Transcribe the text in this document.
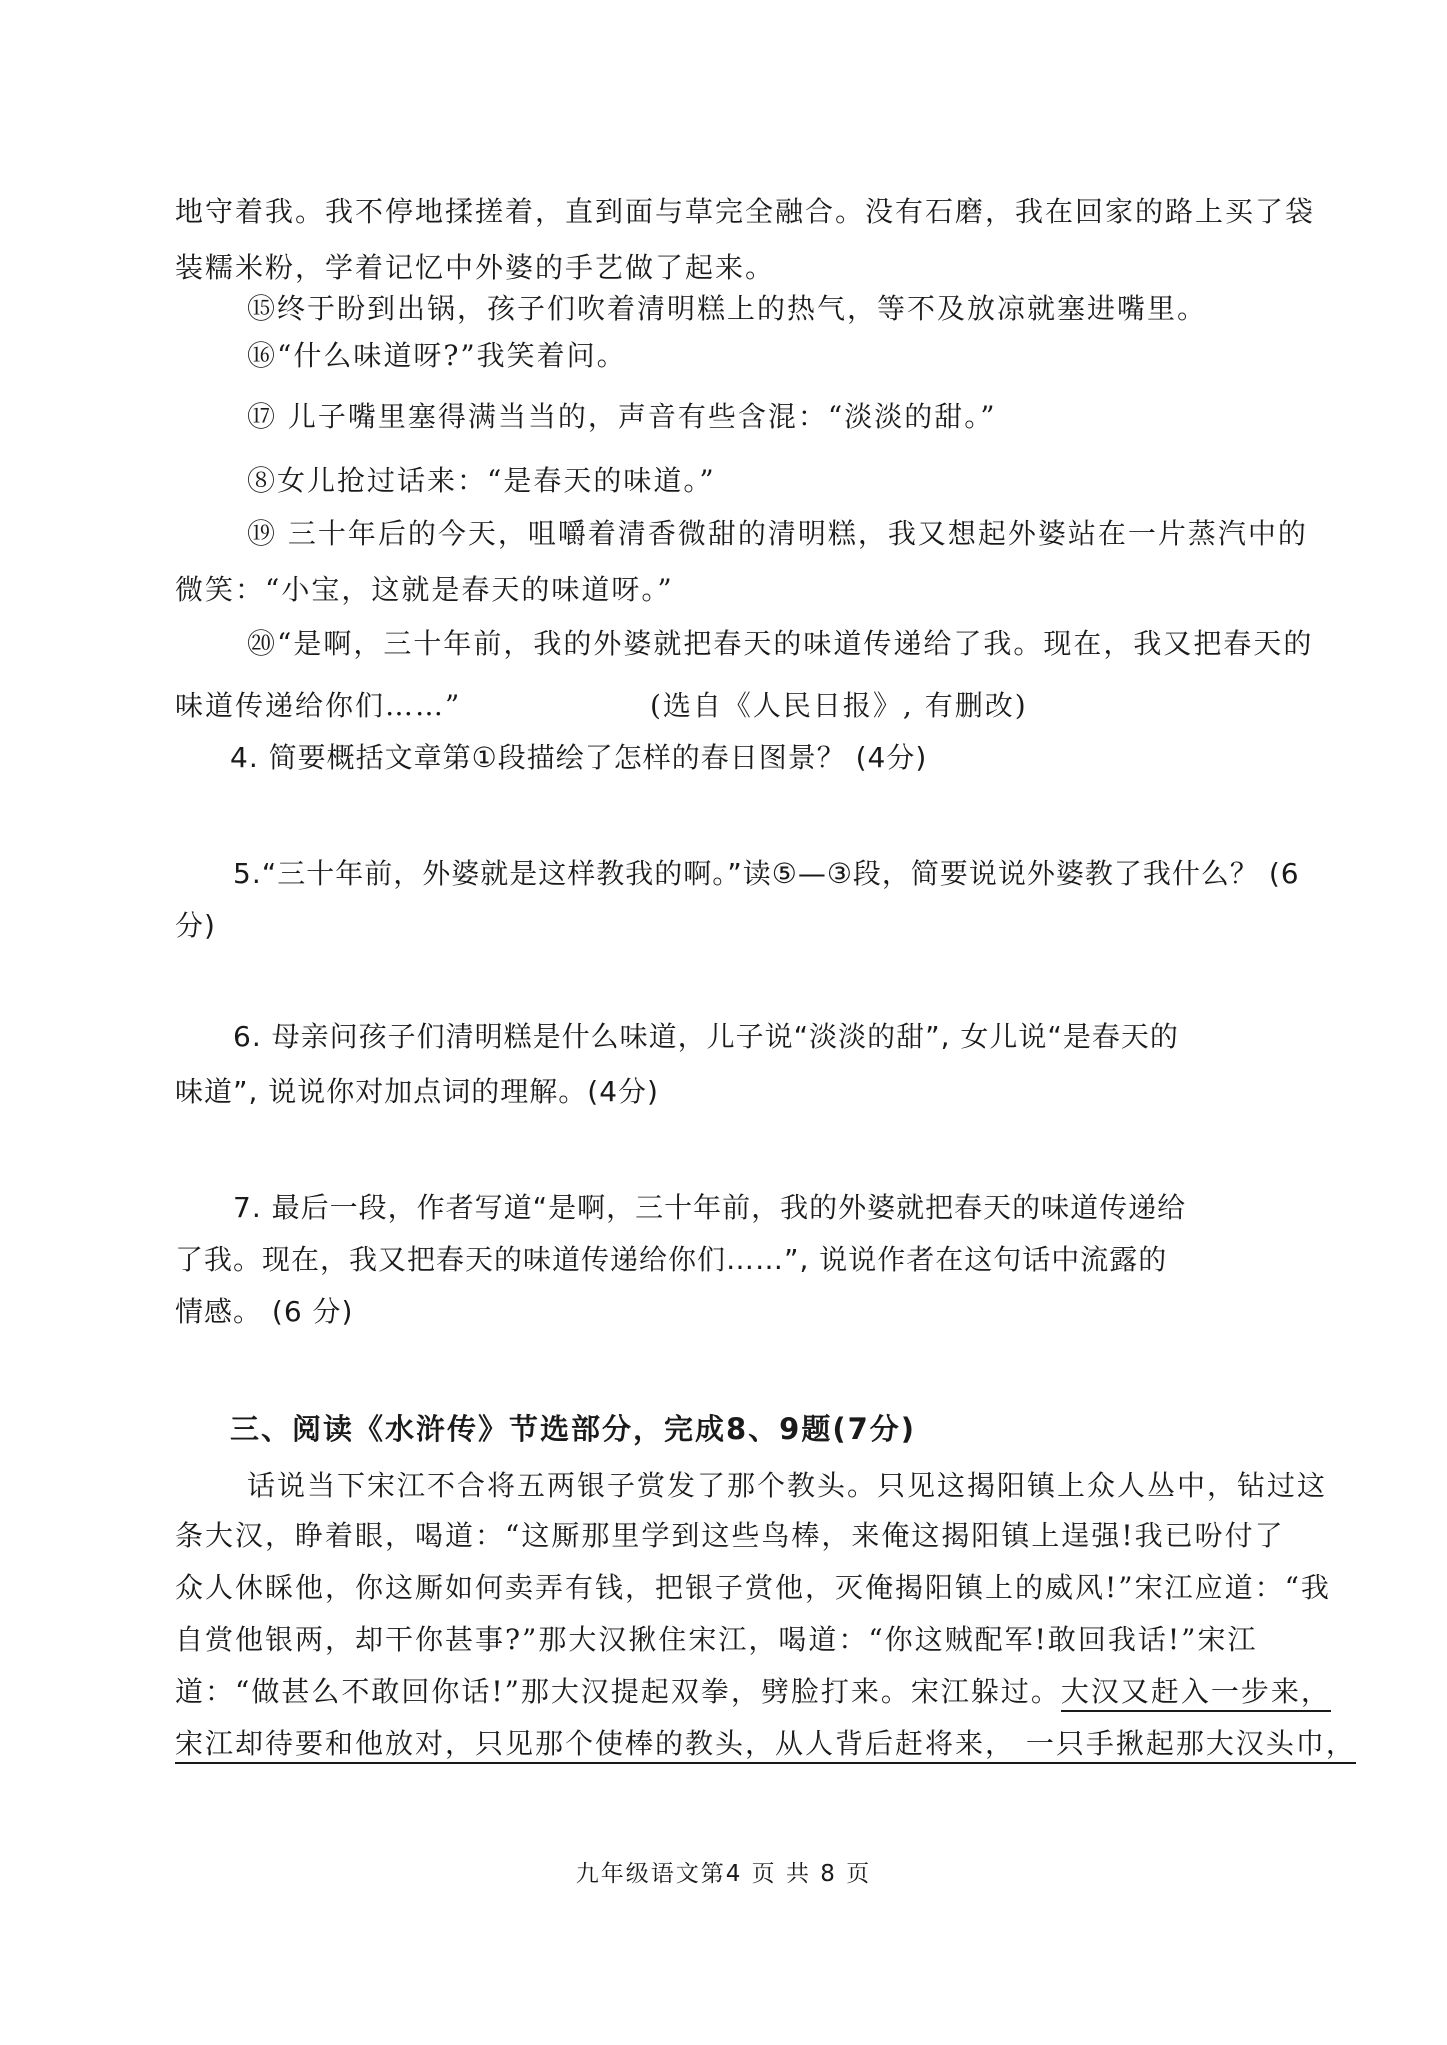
地守着我。我不停地揉搓着，直到面与草完全融合。没有石磨，我在回家的路上买了袋
装糯米粉，学着记忆中外婆的手艺做了起来。
⑮终于盼到出锅，孩子们吹着清明糕上的热气，等不及放凉就塞进嘴里。
⑯“什么味道呀?”我笑着问。
⑰ 儿子嘴里塞得满当当的，声音有些含混：“淡淡的甜。”
⑧女儿抢过话来：“是春天的味道。”
⑲ 三十年后的今天，咀嚼着清香微甜的清明糕，我又想起外婆站在一片蒸汽中的
微笑：“小宝，这就是春天的味道呀。”
⑳“是啊，三十年前，我的外婆就把春天的味道传递给了我。现在，我又把春天的
味道传递给你们……”	(选自《人民日报》, 有删改)

4. 简要概括文章第①段描绘了怎样的春日图景？ (4分)
5.“三十年前，外婆就是这样教我的啊。”读⑤—③段，简要说说外婆教了我什么？ (6
分)
6. 母亲问孩子们清明糕是什么味道，儿子说“淡淡的甜”, 女儿说“是春天的
味道”, 说说你对加点词的理解。(4分)
7. 最后一段，作者写道“是啊，三十年前，我的外婆就把春天的味道传递给
了我。现在，我又把春天的味道传递给你们……”, 说说作者在这句话中流露的
情感。 (6 分)

三、阅读《水浒传》节选部分，完成8、9题(7分)

话说当下宋江不合将五两银子赏发了那个教头。只见这揭阳镇上众人丛中，钻过这
条大汉，睁着眼，喝道：“这厮那里学到这些鸟棒，来俺这揭阳镇上逞强!我已吩付了
众人休睬他，你这厮如何卖弄有钱，把银子赏他，灭俺揭阳镇上的威风!”宋江应道：“我
自赏他银两，却干你甚事?”那大汉揪住宋江，喝道：“你这贼配军!敢回我话!”宋江
道：“做甚么不敢回你话!”那大汉提起双拳，劈脸打来。宋江躲过。大汉又赶入一步来，
宋江却待要和他放对，只见那个使棒的教头，从人背后赶将来， 一只手揪起那大汉头巾，
九年级语文第4 页 共 8 页
